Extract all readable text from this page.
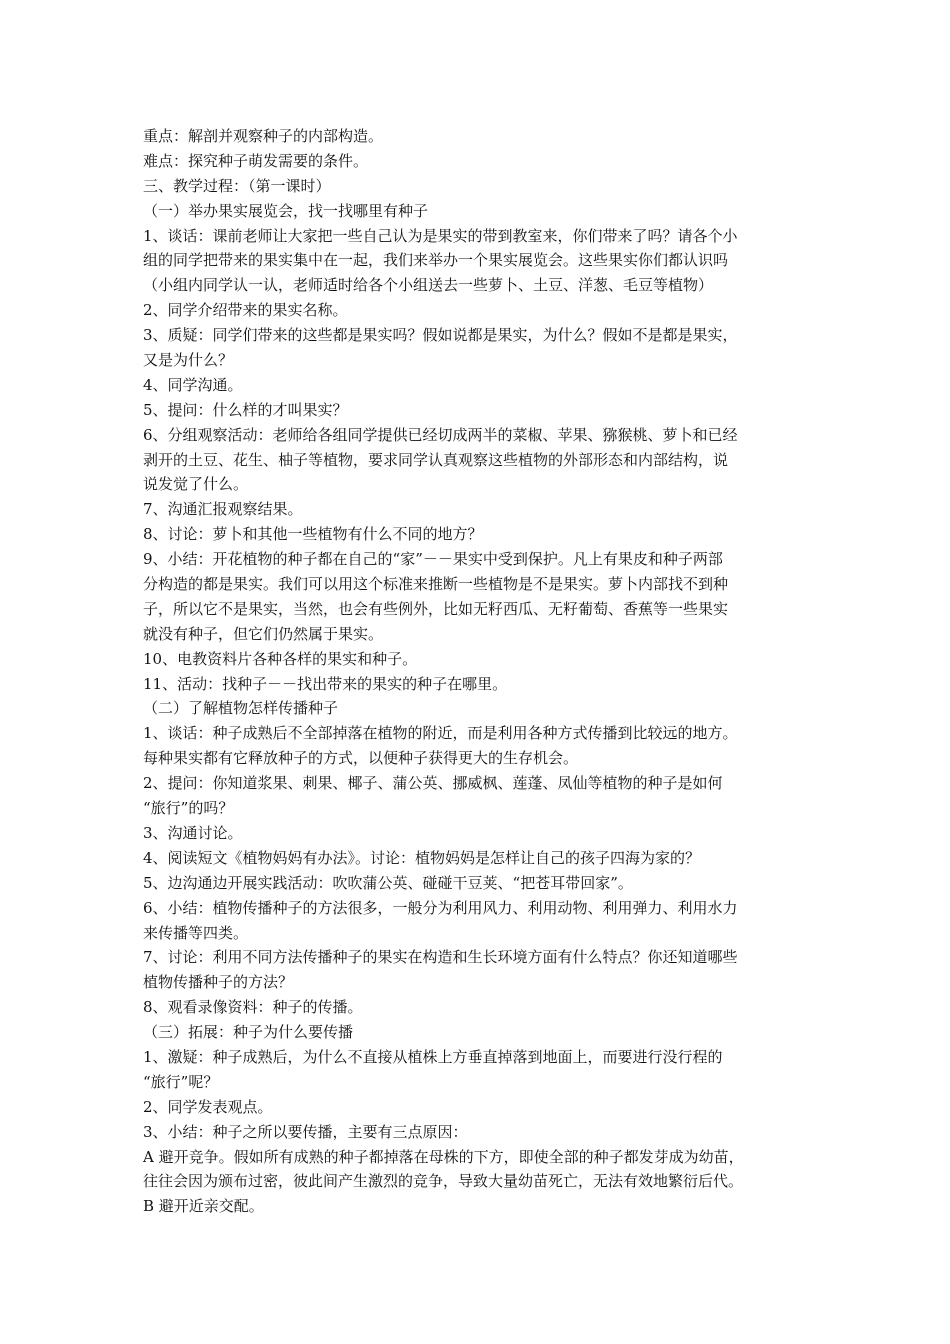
重点：解剖并观察种子的内部构造。
难点：探究种子萌发需要的条件。
三、教学过程：（第一课时）
（一）举办果实展览会，找一找哪里有种子
1、谈话：课前老师让大家把一些自己认为是果实的带到教室来，你们带来了吗？请各个小
组的同学把带来的果实集中在一起，我们来举办一个果实展览会。这些果实你们都认识吗
（小组内同学认一认，老师适时给各个小组送去一些萝卜、土豆、洋葱、毛豆等植物）
2、同学介绍带来的果实名称。
3、质疑：同学们带来的这些都是果实吗？假如说都是果实，为什么？假如不是都是果实，
又是为什么？
4、同学沟通。
5、提问：什么样的才叫果实？
6、分组观察活动：老师给各组同学提供已经切成两半的菜椒、苹果、猕猴桃、萝卜和已经
剥开的土豆、花生、柚子等植物，要求同学认真观察这些植物的外部形态和内部结构，说
说发觉了什么。
7、沟通汇报观察结果。
8、讨论：萝卜和其他一些植物有什么不同的地方？
9、小结：开花植物的种子都在自己的“家”－－果实中受到保护。凡上有果皮和种子两部
分构造的都是果实。我们可以用这个标准来推断一些植物是不是果实。萝卜内部找不到种
子，所以它不是果实，当然，也会有些例外，比如无籽西瓜、无籽葡萄、香蕉等一些果实
就没有种子，但它们仍然属于果实。
10、电教资料片各种各样的果实和种子。
11、活动：找种子－－找出带来的果实的种子在哪里。
（二）了解植物怎样传播种子
1、谈话：种子成熟后不全部掉落在植物的附近，而是利用各种方式传播到比较远的地方。
每种果实都有它释放种子的方式，以便种子获得更大的生存机会。
2、提问：你知道浆果、刺果、椰子、蒲公英、挪威枫、莲蓬、凤仙等植物的种子是如何
“旅行”的吗？
3、沟通讨论。
4、阅读短文《植物妈妈有办法》。讨论：植物妈妈是怎样让自己的孩子四海为家的？
5、边沟通边开展实践活动：吹吹蒲公英、碰碰干豆荚、“把苍耳带回家”。
6、小结：植物传播种子的方法很多，一般分为利用风力、利用动物、利用弹力、利用水力
来传播等四类。
7、讨论：利用不同方法传播种子的果实在构造和生长环境方面有什么特点？你还知道哪些
植物传播种子的方法？
8、观看录像资料：种子的传播。
（三）拓展：种子为什么要传播
1、激疑：种子成熟后，为什么不直接从植株上方垂直掉落到地面上，而要进行没行程的
“旅行”呢？
2、同学发表观点。
3、小结：种子之所以要传播，主要有三点原因：
A 避开竞争。假如所有成熟的种子都掉落在母株的下方，即使全部的种子都发芽成为幼苗，
往往会因为颁布过密，彼此间产生激烈的竞争，导致大量幼苗死亡，无法有效地繁衍后代。
B 避开近亲交配。
